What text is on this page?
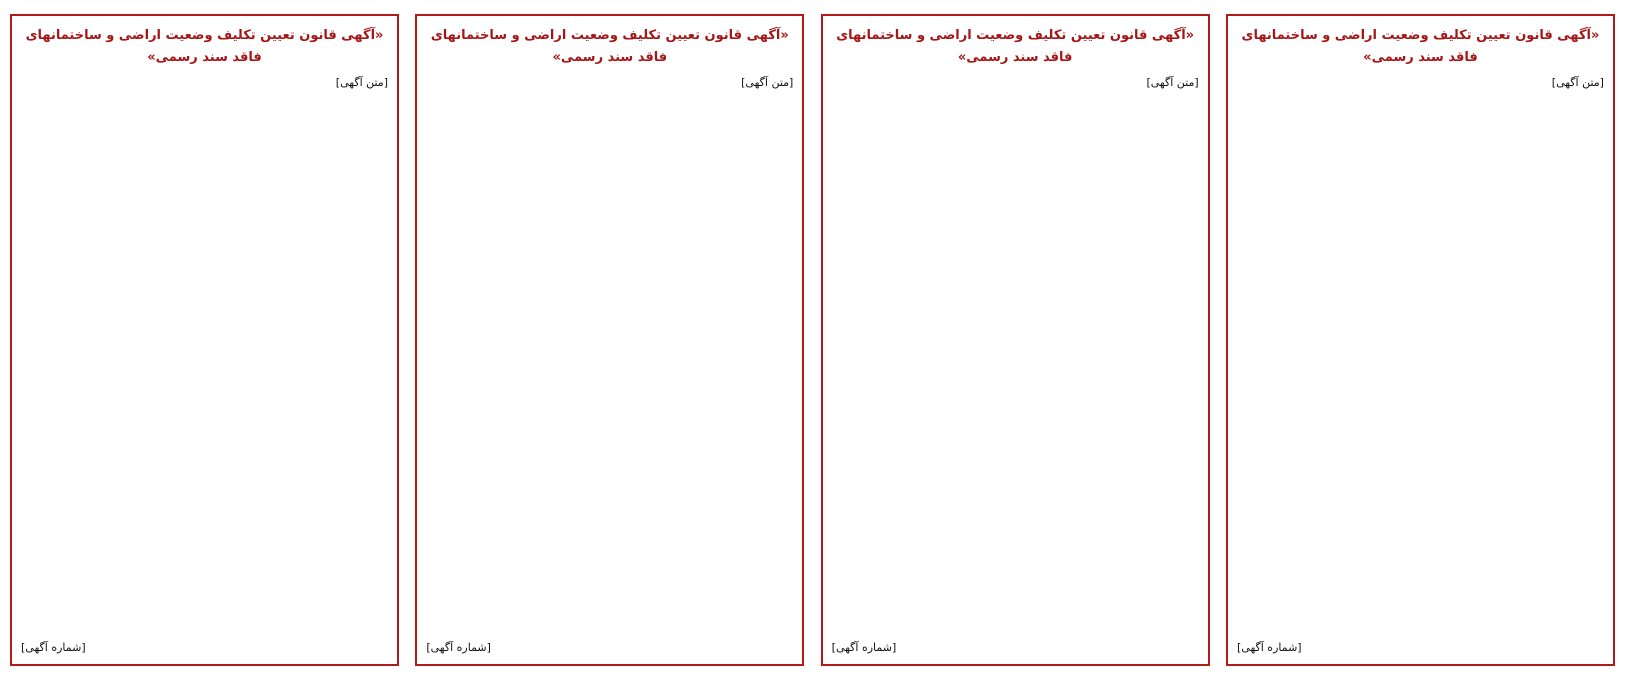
«آگهی قانون تعیین تکلیف وضعیت اراضی و ساختمانهای فاقد سند رسمی»

[متن آگهی]

[شماره آگهی]
«آگهی قانون تعیین تکلیف وضعیت اراضی و ساختمانهای فاقد سند رسمی»

[متن آگهی]

[شماره آگهی]
«آگهی قانون تعیین تکلیف وضعیت اراضی و ساختمانهای فاقد سند رسمی»

[متن آگهی]

[شماره آگهی]
«آگهی قانون تعیین تکلیف وضعیت اراضی و ساختمانهای فاقد سند رسمی»

[متن آگهی]

[شماره آگهی]
